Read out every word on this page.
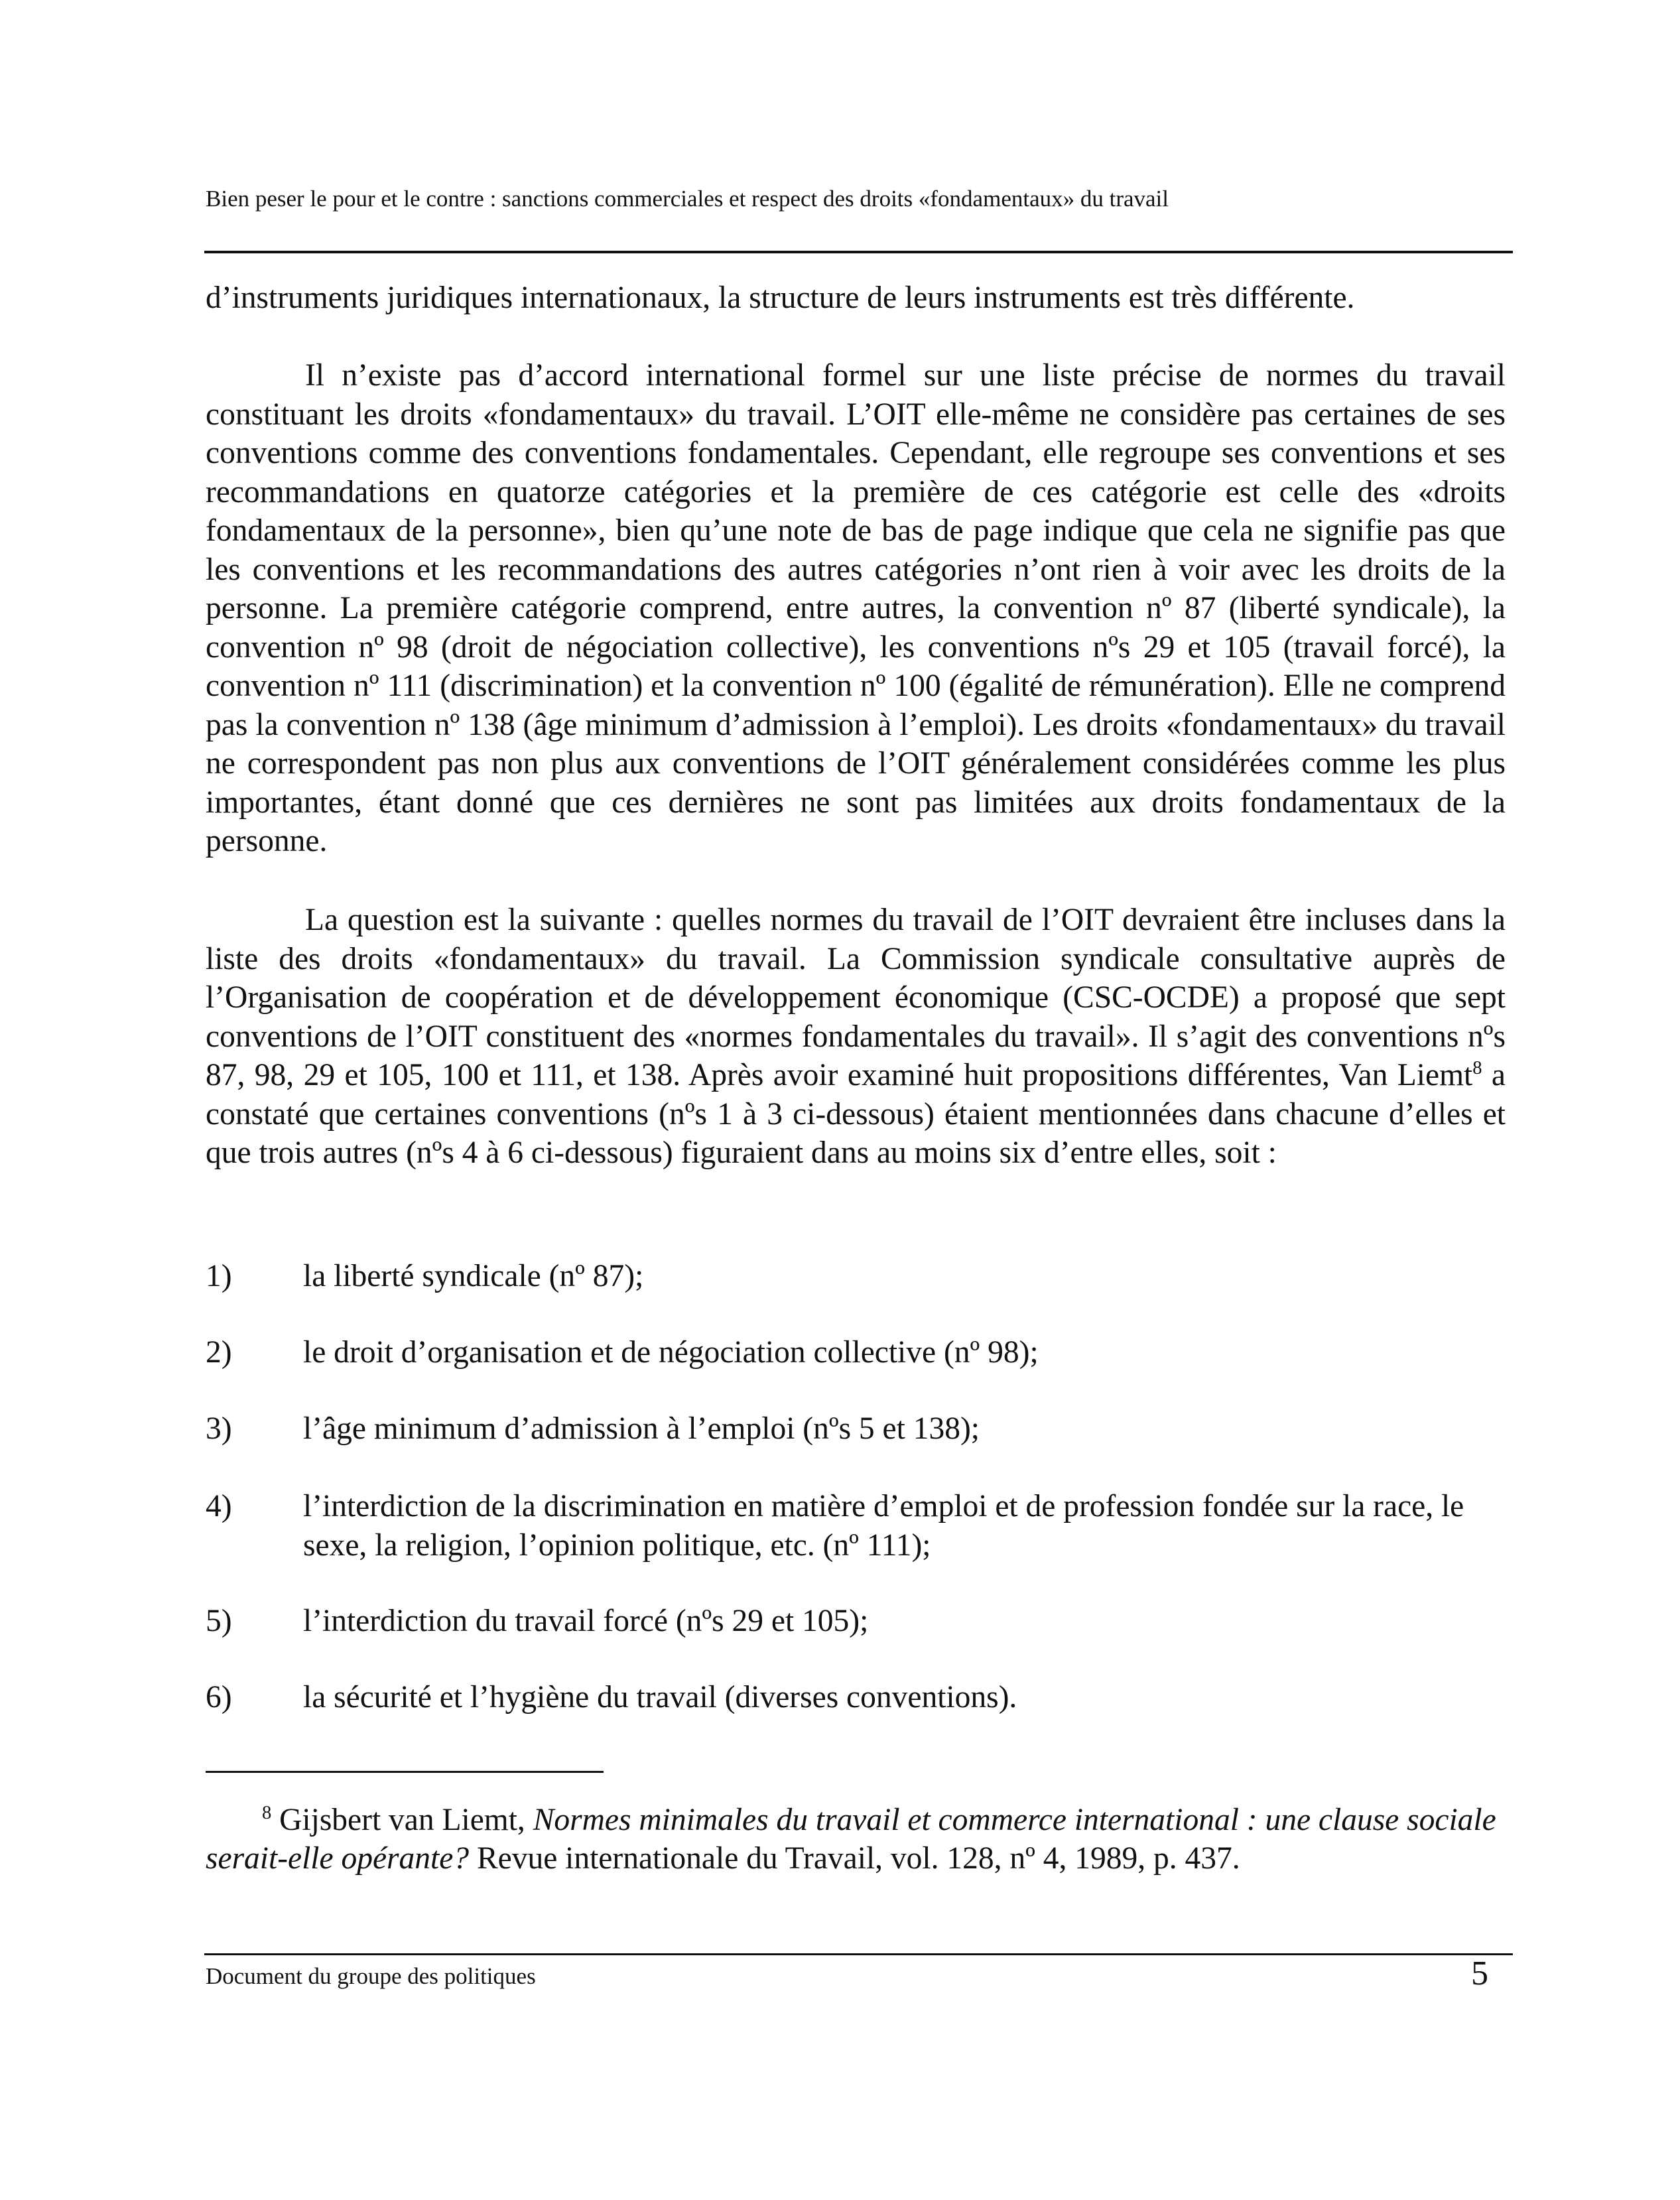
Bien peser le pour et le contre : sanctions commerciales et respect des droits «fondamentaux» du travail
d’instruments juridiques internationaux, la structure de leurs instruments est très différente.

Il n’existe pas d’accord international formel sur une liste précise de normes du travail constituant les droits «fondamentaux» du travail. L’OIT elle-même ne considère pas certaines de ses conventions comme des conventions fondamentales. Cependant, elle regroupe ses conventions et ses recommandations en quatorze catégories et la première de ces catégorie est celle des «droits fondamentaux de la personne», bien qu’une note de bas de page indique que cela ne signifie pas que les conventions et les recommandations des autres catégories n’ont rien à voir avec les droits de la personne. La première catégorie comprend, entre autres, la convention nº 87 (liberté syndicale), la convention nº 98 (droit de négociation collective), les conventions nºs 29 et 105 (travail forcé), la convention nº 111 (discrimination) et la convention nº 100 (égalité de rémunération). Elle ne comprend pas la convention nº 138 (âge minimum d’admission à l’emploi). Les droits «fondamentaux» du travail ne correspondent pas non plus aux conventions de l’OIT généralement considérées comme les plus importantes, étant donné que ces dernières ne sont pas limitées aux droits fondamentaux de la personne.

La question est la suivante : quelles normes du travail de l’OIT devraient être incluses dans la liste des droits «fondamentaux» du travail. La Commission syndicale consultative auprès de l’Organisation de coopération et de développement économique (CSC-OCDE) a proposé que sept conventions de l’OIT constituent des «normes fondamentales du travail». Il s’agit des conventions nºs 87, 98, 29 et 105, 100 et 111, et 138. Après avoir examiné huit propositions différentes, Van Liemt$^8$ a constaté que certaines conventions (nºs 1 à 3 ci-dessous) étaient mentionnées dans chacune d’elles et que trois autres (nºs 4 à 6 ci-dessous) figuraient dans au moins six d’entre elles, soit :

1) la liberté syndicale (nº 87);
2) le droit d’organisation et de négociation collective (nº 98);
3) l’âge minimum d’admission à l’emploi (nºs 5 et 138);
4) l’interdiction de la discrimination en matière d’emploi et de profession fondée sur la race, le sexe, la religion, l’opinion politique, etc. (nº 111);
5) l’interdiction du travail forcé (nºs 29 et 105);
6) la sécurité et l’hygiène du travail (diverses conventions).
$^8$ Gijsbert van Liemt, Normes minimales du travail et commerce international : une clause sociale serait-elle opérante? Revue internationale du Travail, vol. 128, nº 4, 1989, p. 437.
Document du groupe des politiques	5
